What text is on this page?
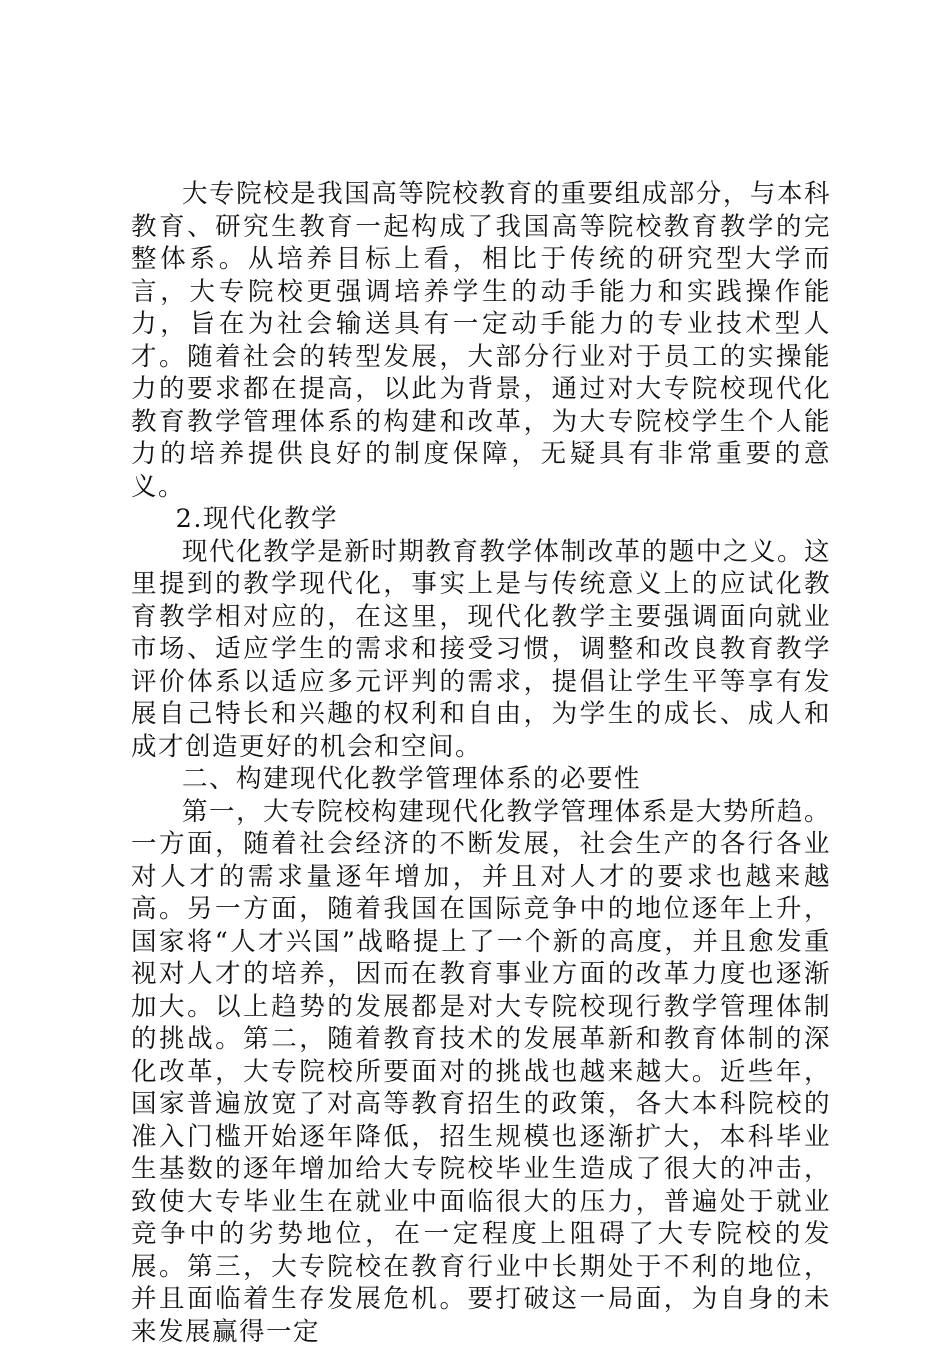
大专院校是我国高等院校教育的重要组成部分，与本科教育、研究生教育一起构成了我国高等院校教育教学的完整体系。从培养目标上看，相比于传统的研究型大学而言，大专院校更强调培养学生的动手能力和实践操作能力，旨在为社会输送具有一定动手能力的专业技术型人才。随着社会的转型发展，大部分行业对于员工的实操能力的要求都在提高，以此为背景，通过对大专院校现代化教育教学管理体系的构建和改革，为大专院校学生个人能力的培养提供良好的制度保障，无疑具有非常重要的意义。

2.现代化教学

现代化教学是新时期教育教学体制改革的题中之义。这里提到的教学现代化，事实上是与传统意义上的应试化教育教学相对应的，在这里，现代化教学主要强调面向就业市场、适应学生的需求和接受习惯，调整和改良教育教学评价体系以适应多元评判的需求，提倡让学生平等享有发展自己特长和兴趣的权利和自由，为学生的成长、成人和成才创造更好的机会和空间。

二、构建现代化教学管理体系的必要性

第一，大专院校构建现代化教学管理体系是大势所趋。一方面，随着社会经济的不断发展，社会生产的各行各业对人才的需求量逐年增加，并且对人才的要求也越来越高。另一方面，随着我国在国际竞争中的地位逐年上升，国家将“人才兴国”战略提上了一个新的高度，并且愈发重视对人才的培养，因而在教育事业方面的改革力度也逐渐加大。以上趋势的发展都是对大专院校现行教学管理体制的挑战。第二，随着教育技术的发展革新和教育体制的深化改革，大专院校所要面对的挑战也越来越大。近些年，国家普遍放宽了对高等教育招生的政策，各大本科院校的准入门槛开始逐年降低，招生规模也逐渐扩大，本科毕业生基数的逐年增加给大专院校毕业生造成了很大的冲击，致使大专毕业生在就业中面临很大的压力，普遍处于就业竞争中的劣势地位，在一定程度上阻碍了大专院校的发展。第三，大专院校在教育行业中长期处于不利的地位，并且面临着生存发展危机。要打破这一局面，为自身的未来发展赢得一定
